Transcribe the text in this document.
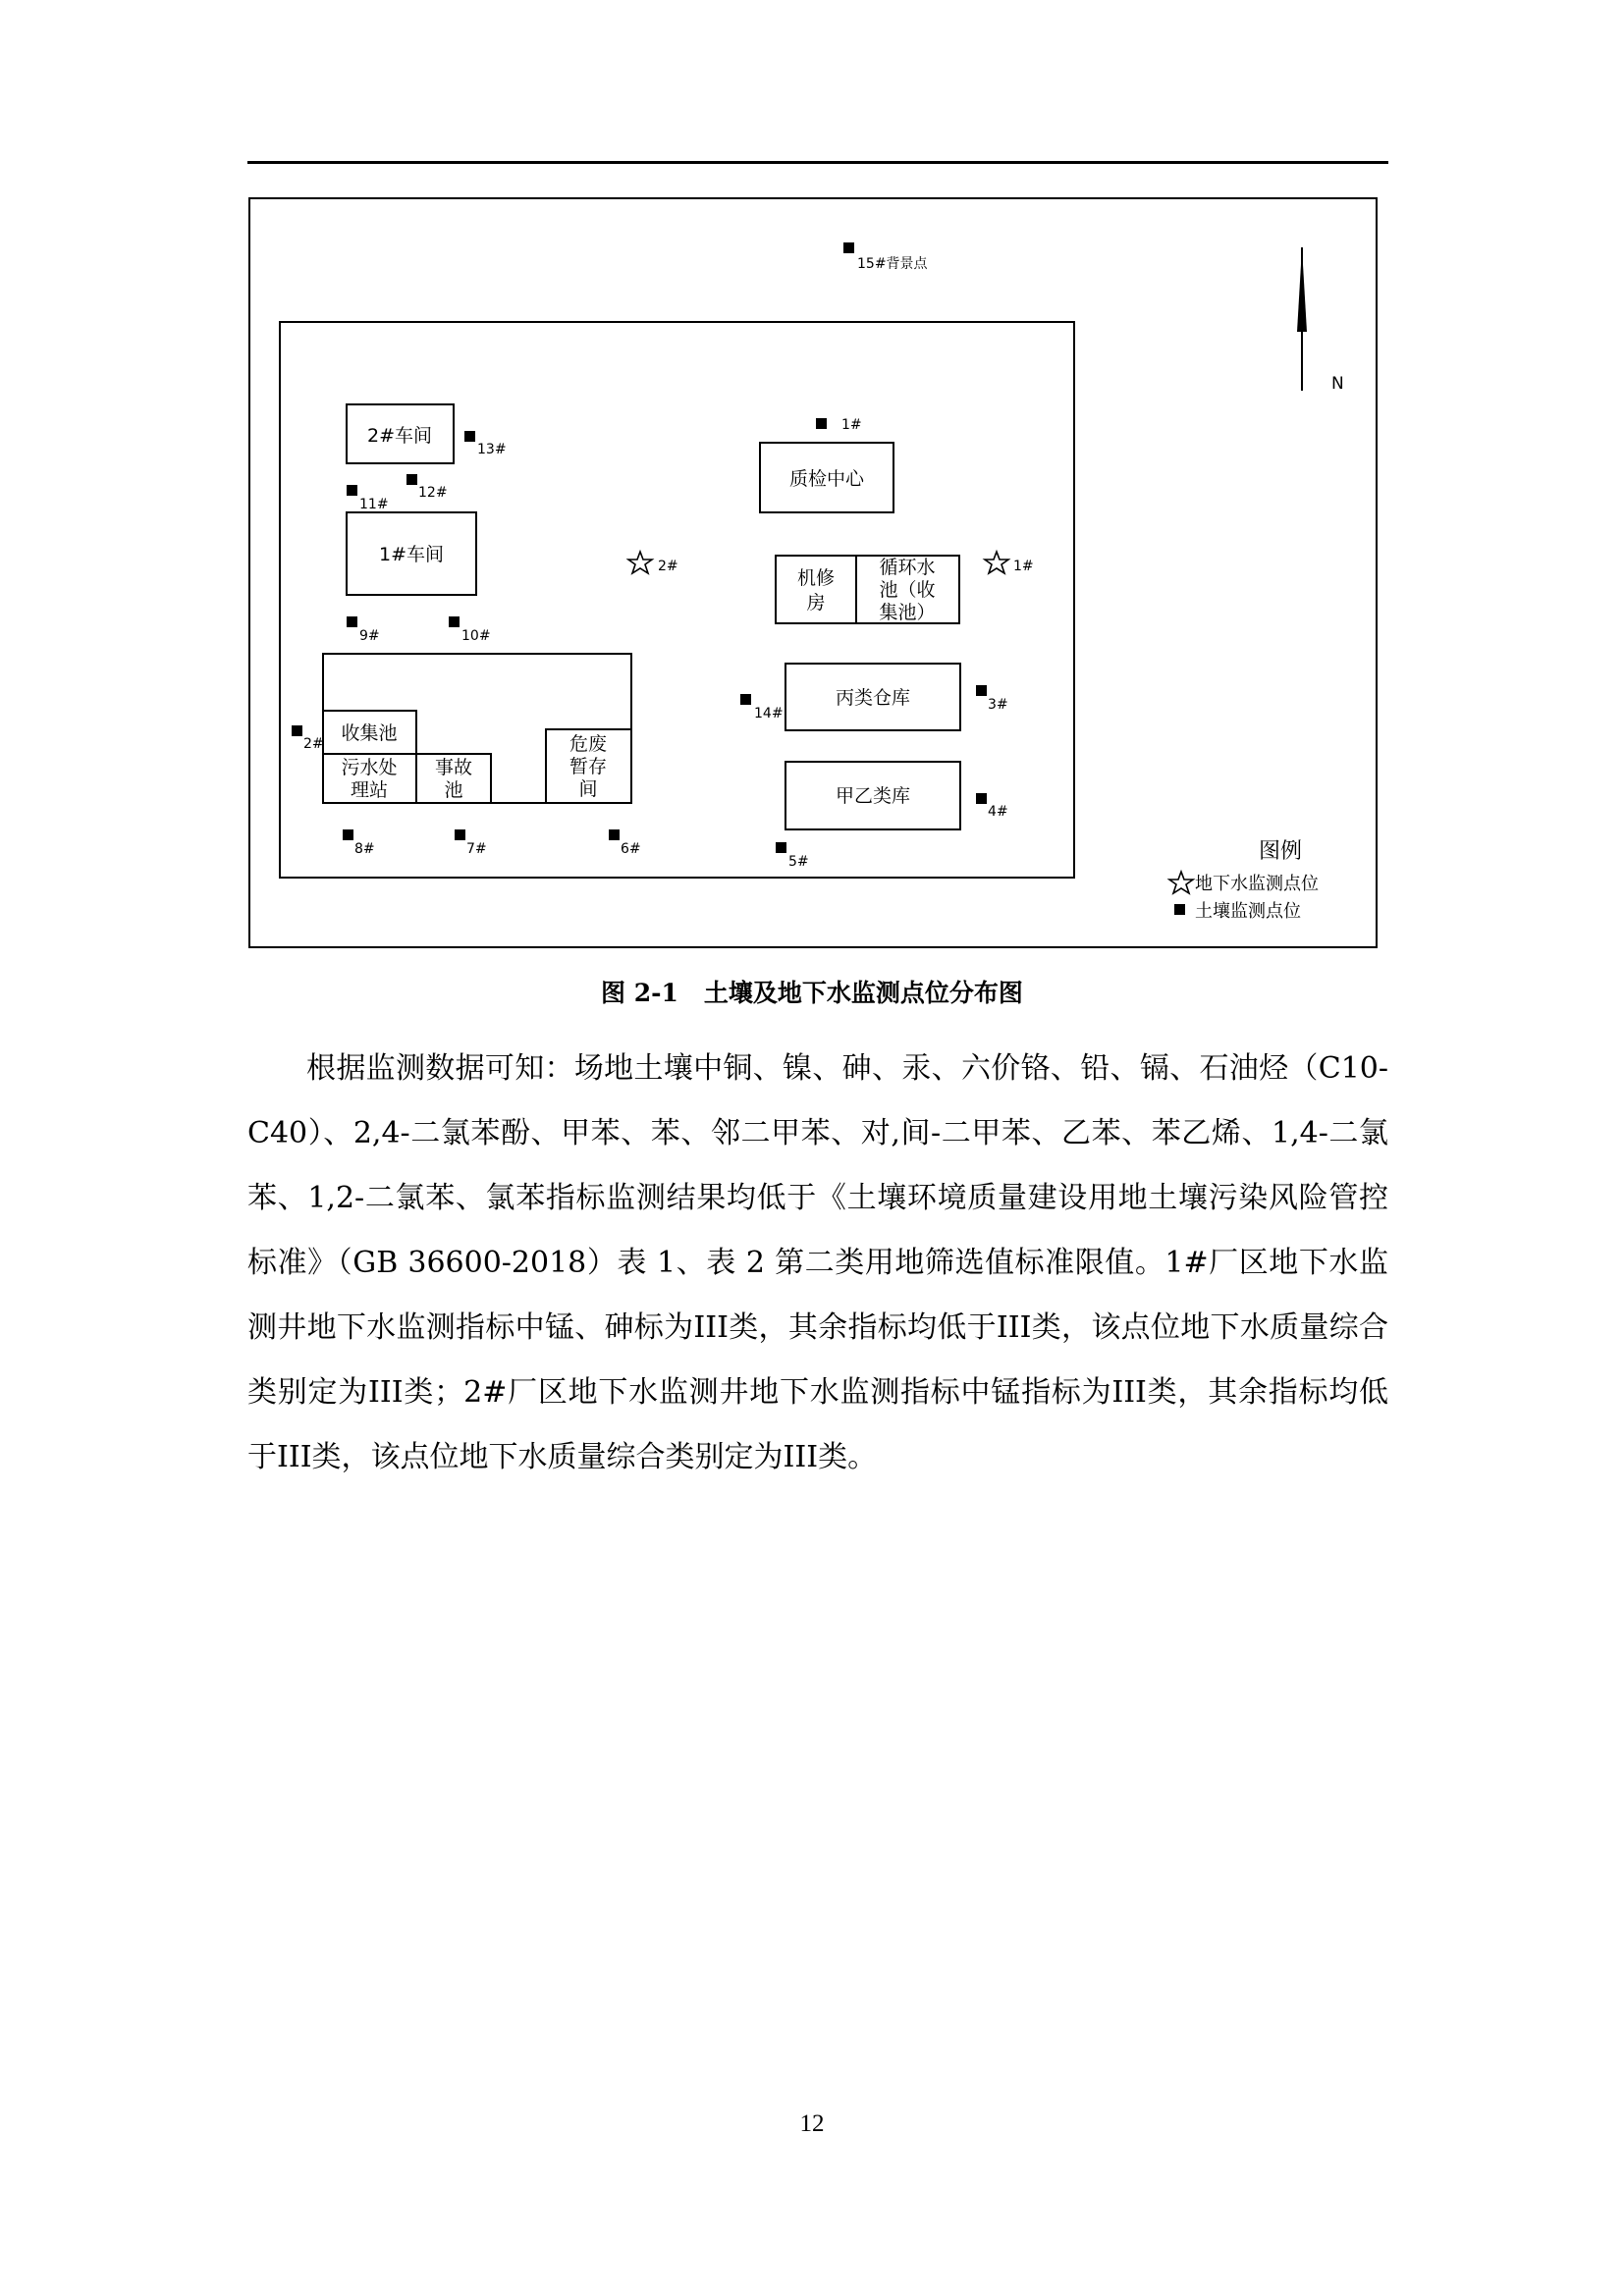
2#车间
1#车间
质检中心
机修
房
循环水
池（收
集池）
丙类仓库
甲乙类库
收集池
污水处
理站
事故
池
危废
暂存
间
15#背景点
1#
13#
12#
11#
9#	10#
2#
14#
3#
4#
8#	7#	6#
5#
2#	1#
N
图例
地下水监测点位
土壤监测点位
图 2-1 土壤及地下水监测点位分布图

根据监测数据可知：场地土壤中铜、镍、砷、汞、六价铬、铅、镉、石油烃（C10-C40）、2,4-二氯苯酚、甲苯、苯、邻二甲苯、对,间-二甲苯、乙苯、苯乙烯、1,4-二氯苯、1,2-二氯苯、氯苯指标监测结果均低于《土壤环境质量建设用地土壤污染风险管控标准》（GB 36600-2018）表 1、表 2 第二类用地筛选值标准限值。1#厂区地下水监测井地下水监测指标中锰、砷标为III类，其余指标均低于III类，该点位地下水质量综合类别定为III类；2#厂区地下水监测井地下水监测指标中锰指标为III类，其余指标均低于III类，该点位地下水质量综合类别定为III类。

12
